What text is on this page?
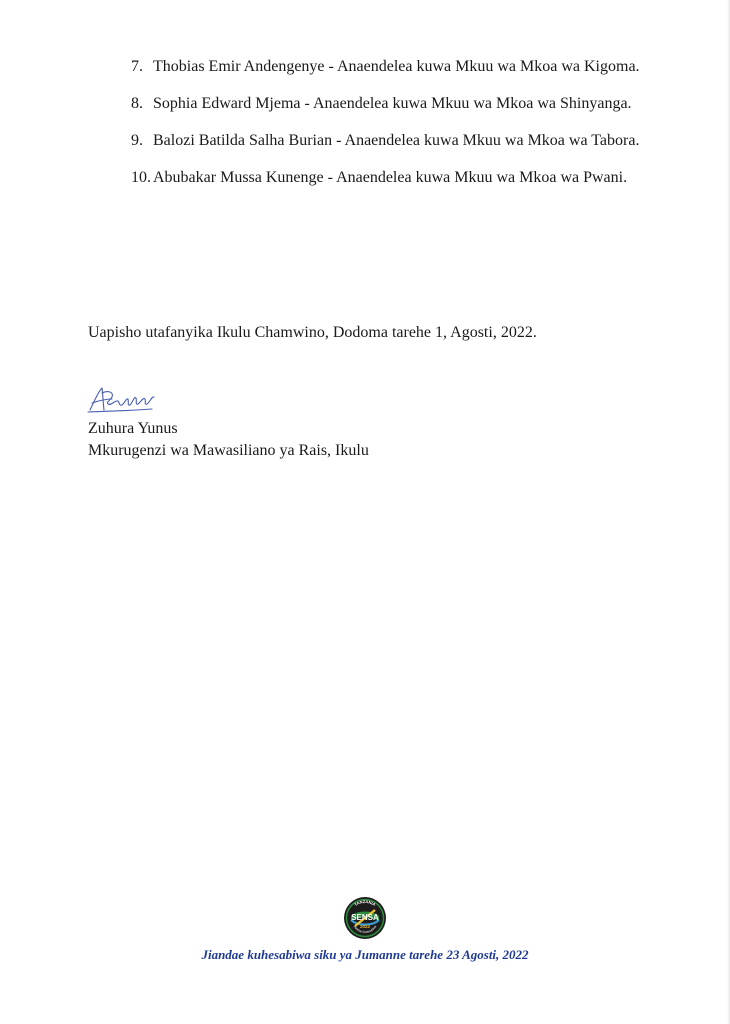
7. Thobias Emir Andengenye - Anaendelea kuwa Mkuu wa Mkoa wa Kigoma.
8. Sophia Edward Mjema - Anaendelea kuwa Mkuu wa Mkoa wa Shinyanga.
9. Balozi Batilda Salha Burian - Anaendelea kuwa Mkuu wa Mkoa wa Tabora.
10. Abubakar Mussa Kunenge - Anaendelea kuwa Mkuu wa Mkoa wa Pwani.

Uapisho utafanyika Ikulu Chamwino, Dodoma tarehe 1, Agosti, 2022.

Zuhura Yunus
Mkurugenzi wa Mawasiliano ya Rais, Ikulu
TANZANIA
SENSA
2022
Jiandae Kuhesabiwa
Jiandae kuhesabiwa siku ya Jumanne tarehe 23 Agosti, 2022
